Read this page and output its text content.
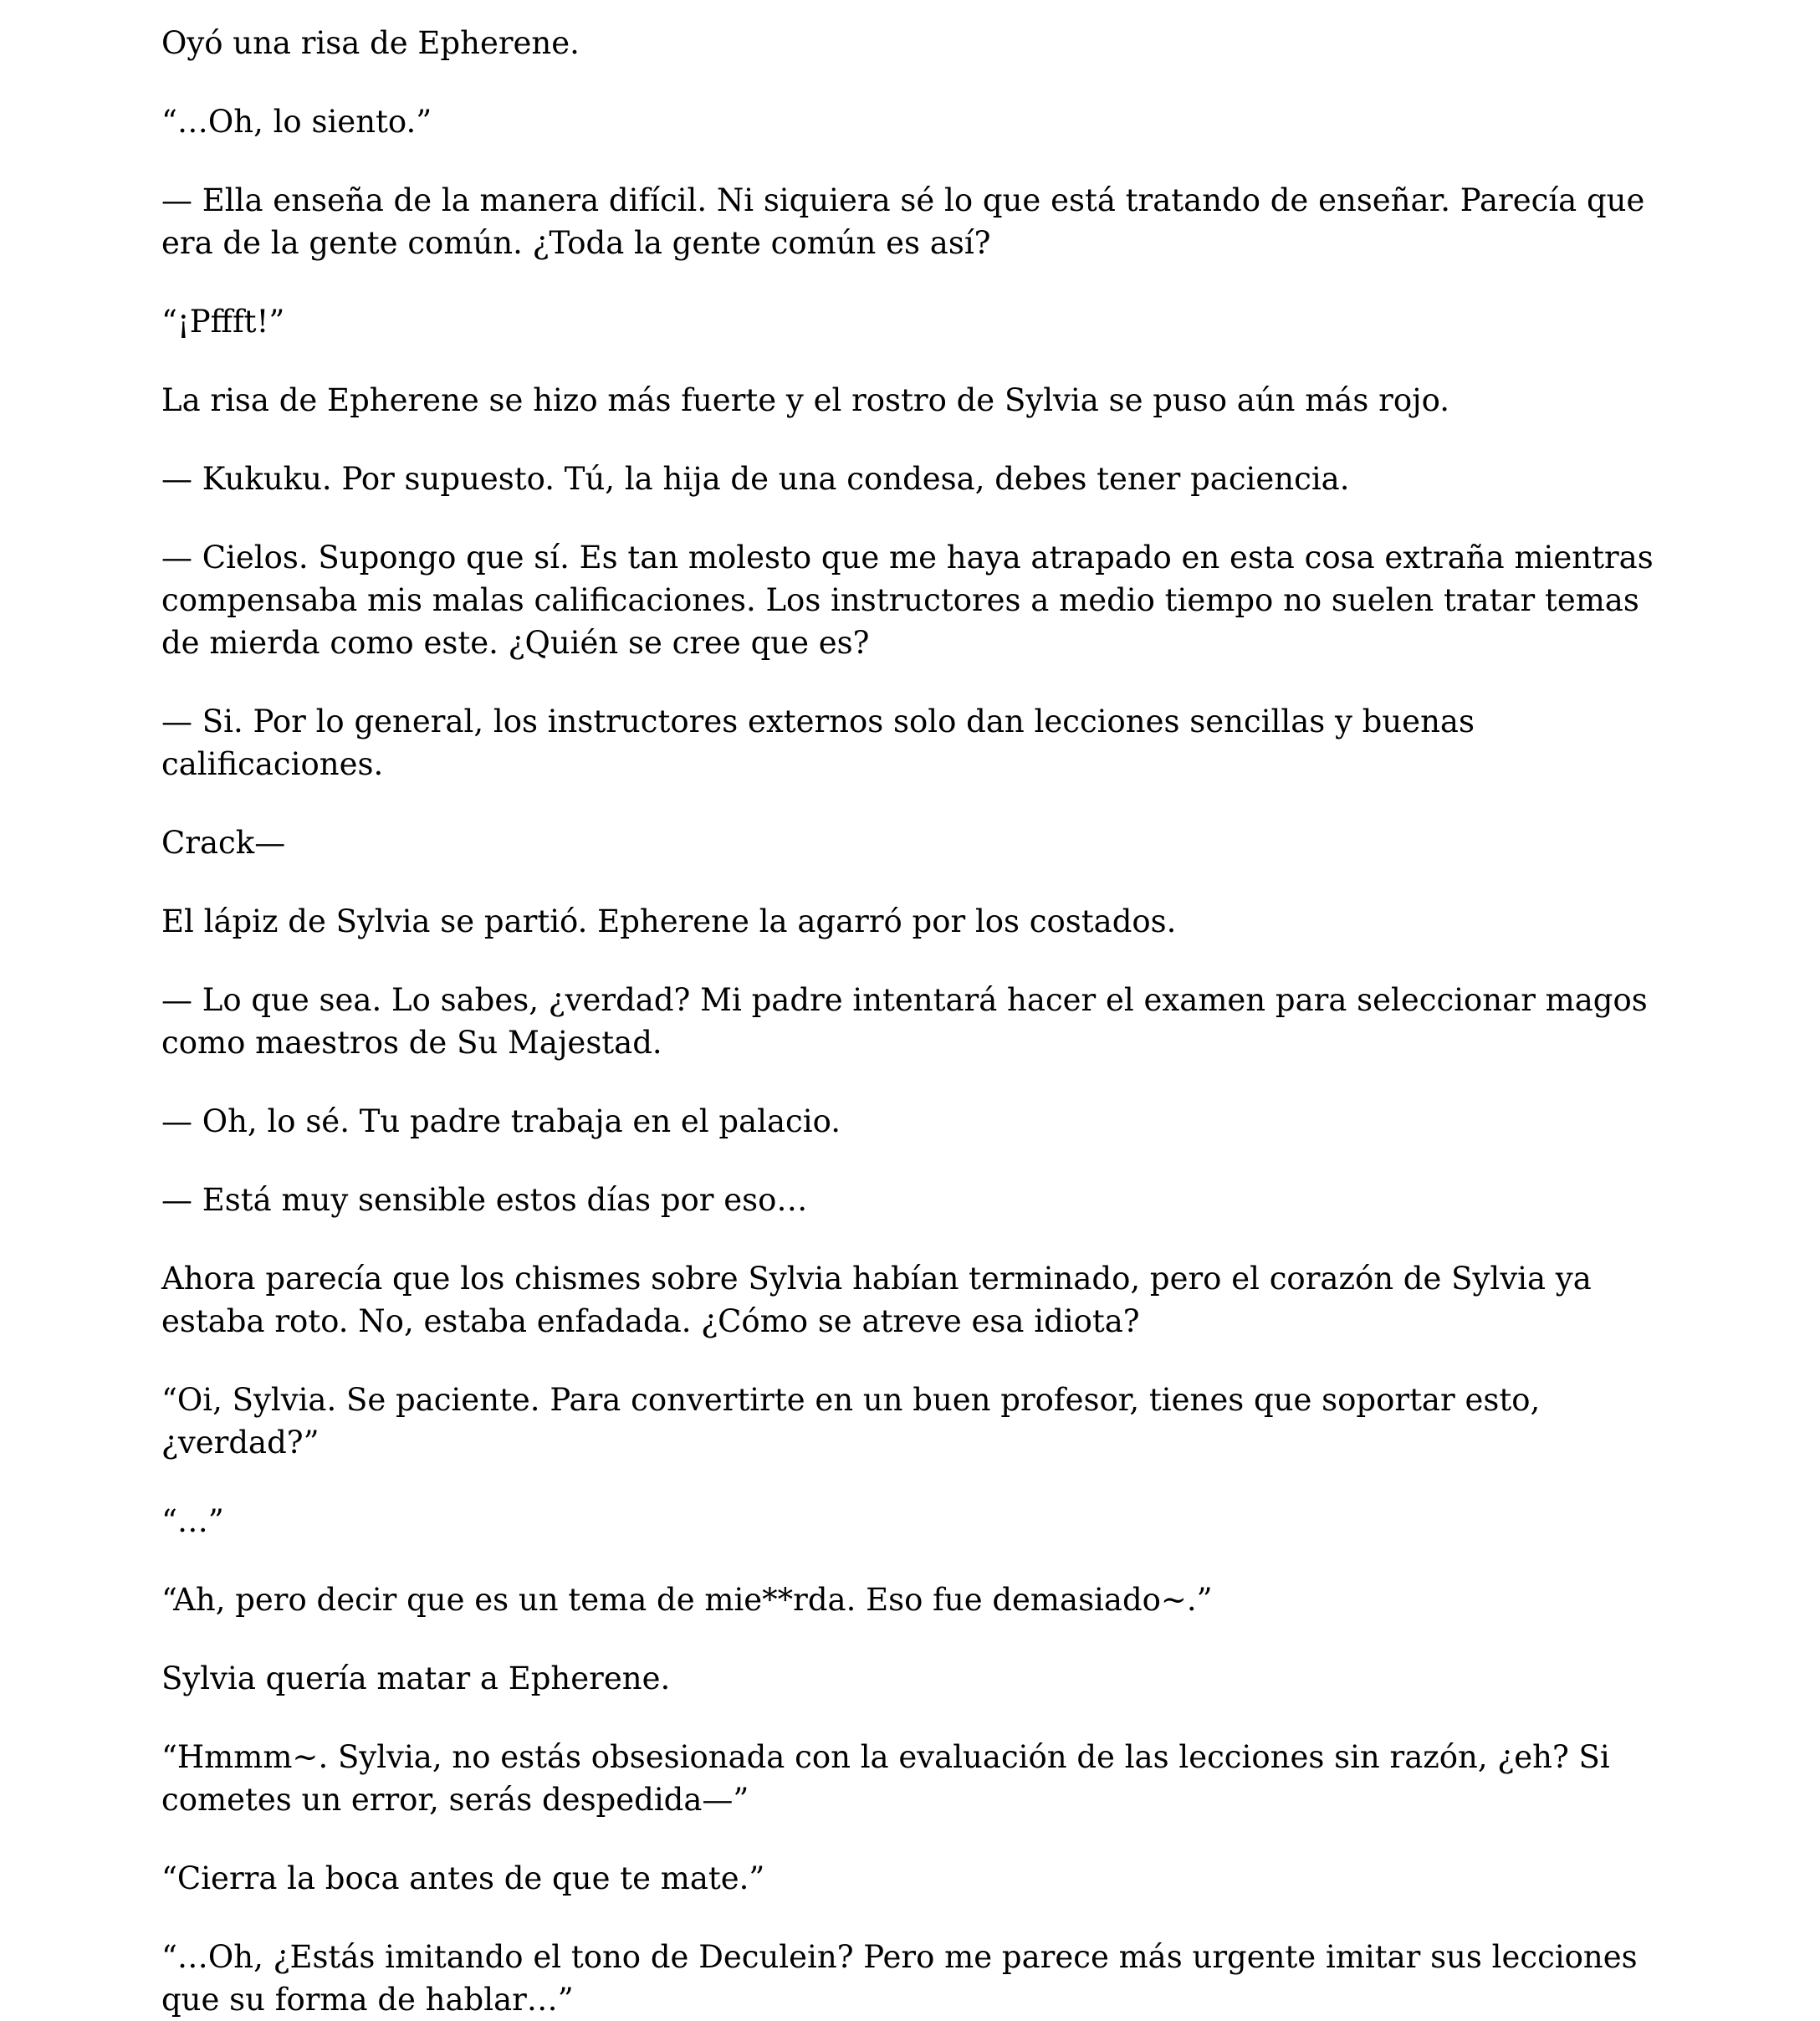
Oyó una risa de Epherene.

“…Oh, lo siento.”

— Ella enseña de la manera difícil. Ni siquiera sé lo que está tratando de enseñar. Parecía que era de la gente común. ¿Toda la gente común es así?

“¡Pffft!”

La risa de Epherene se hizo más fuerte y el rostro de Sylvia se puso aún más rojo.

— Kukuku. Por supuesto. Tú, la hija de una condesa, debes tener paciencia.

— Cielos. Supongo que sí. Es tan molesto que me haya atrapado en esta cosa extraña mientras compensaba mis malas calificaciones. Los instructores a medio tiempo no suelen tratar temas de mierda como este. ¿Quién se cree que es?

— Si. Por lo general, los instructores externos solo dan lecciones sencillas y buenas calificaciones.

Crack—

El lápiz de Sylvia se partió. Epherene la agarró por los costados.

— Lo que sea. Lo sabes, ¿verdad? Mi padre intentará hacer el examen para seleccionar magos como maestros de Su Majestad.

— Oh, lo sé. Tu padre trabaja en el palacio.

— Está muy sensible estos días por eso…

Ahora parecía que los chismes sobre Sylvia habían terminado, pero el corazón de Sylvia ya estaba roto. No, estaba enfadada. ¿Cómo se atreve esa idiota?

“Oi, Sylvia. Se paciente. Para convertirte en un buen profesor, tienes que soportar esto, ¿verdad?”

“…”

“Ah, pero decir que es un tema de mie**rda. Eso fue demasiado~.”

Sylvia quería matar a Epherene.

“Hmmm~. Sylvia, no estás obsesionada con la evaluación de las lecciones sin razón, ¿eh? Si cometes un error, serás despedida—”

“Cierra la boca antes de que te mate.”

“…Oh, ¿Estás imitando el tono de Deculein? Pero me parece más urgente imitar sus lecciones que su forma de hablar…”
